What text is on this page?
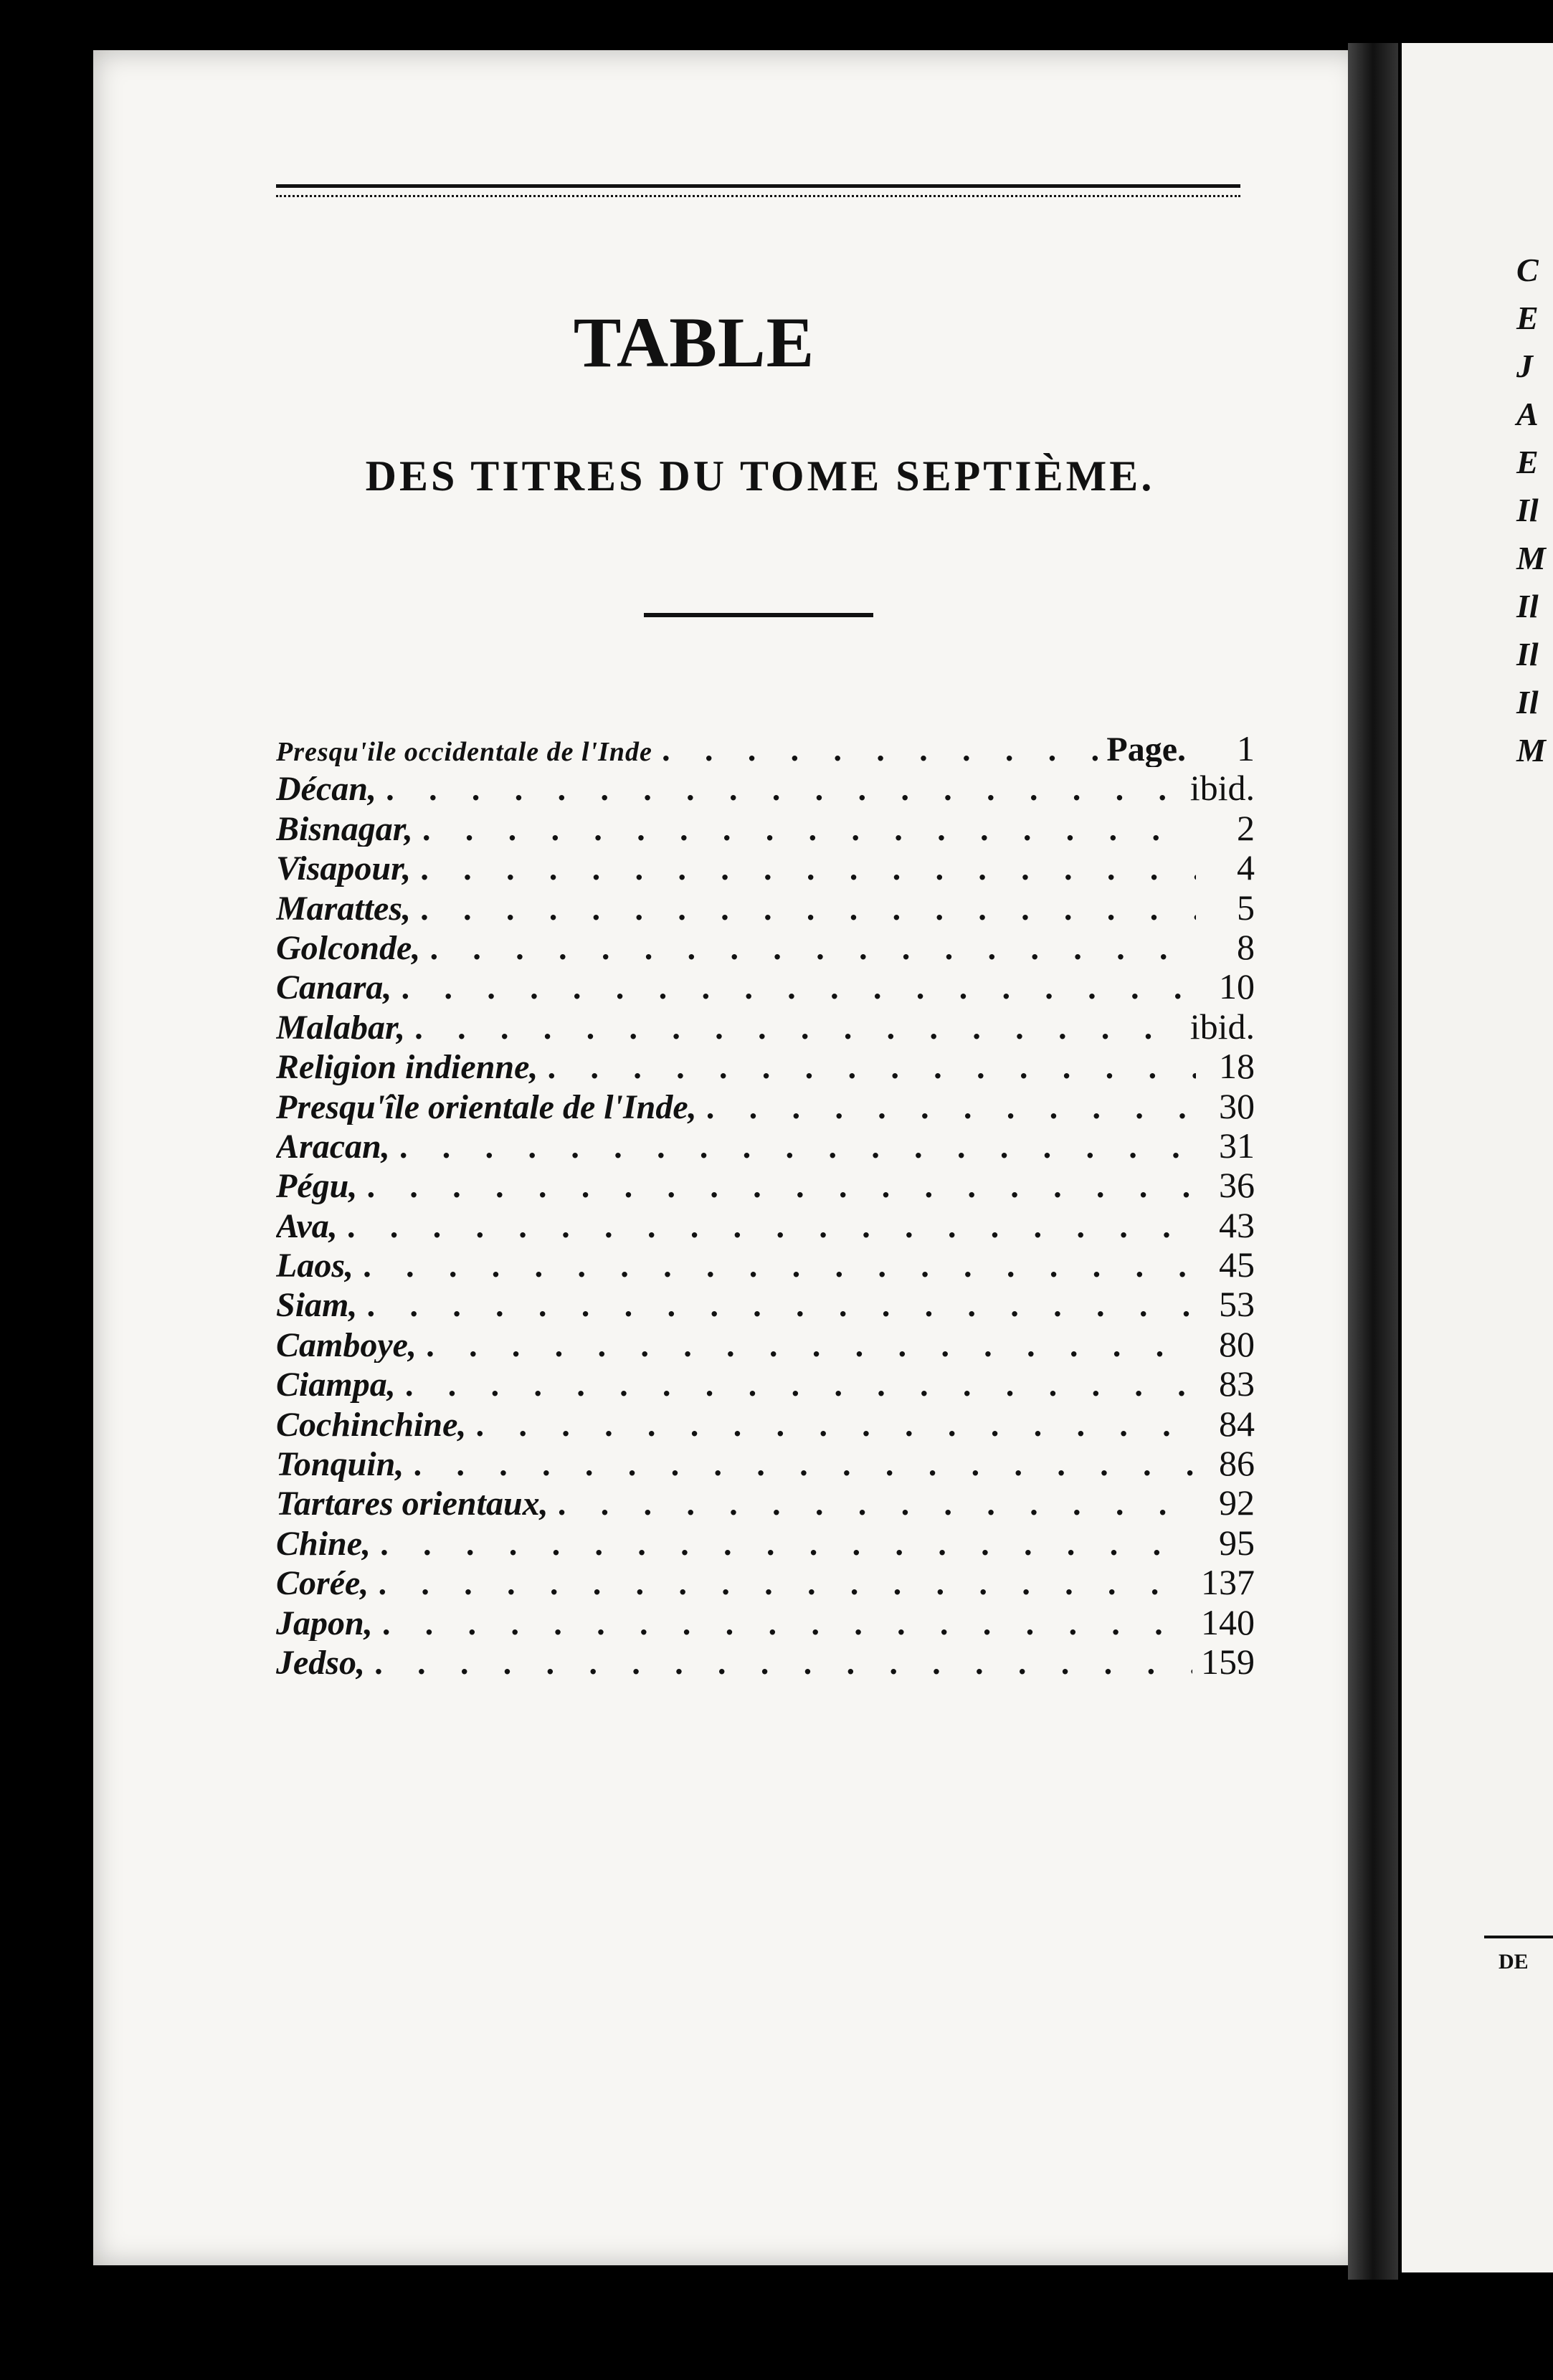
TABLE
DES TITRES DU TOME SEPTIÈME.
Presqu'ile occidentale de l'Inde . . .	Page.	1
Décan, . . .	ibid.
Bisnagar, . . .	2
Visapour, . . .	4
Marattes, . . .	5
Golconde, . . .	8
Canara, . . .	10
Malabar, . . .	ibid.
Religion indienne, . . .	18
Presqu'île orientale de l'Inde, . . .	30
Aracan, . . .	31
Pégu, . . .	36
Ava, . . .	43
Laos, . . .	45
Siam, . . .	53
Camboye, . . .	80
Ciampa, . . .	83
Cochinchine, . . .	84
Tonquin, . . .	86
Tartares orientaux, . . .	92
Chine, . . .	95
Corée, . . .	137
Japon, . . .	140
Jedso, . . .	159
C
E
J
A
E
Il
M
Il
Il
Il
M
DE
